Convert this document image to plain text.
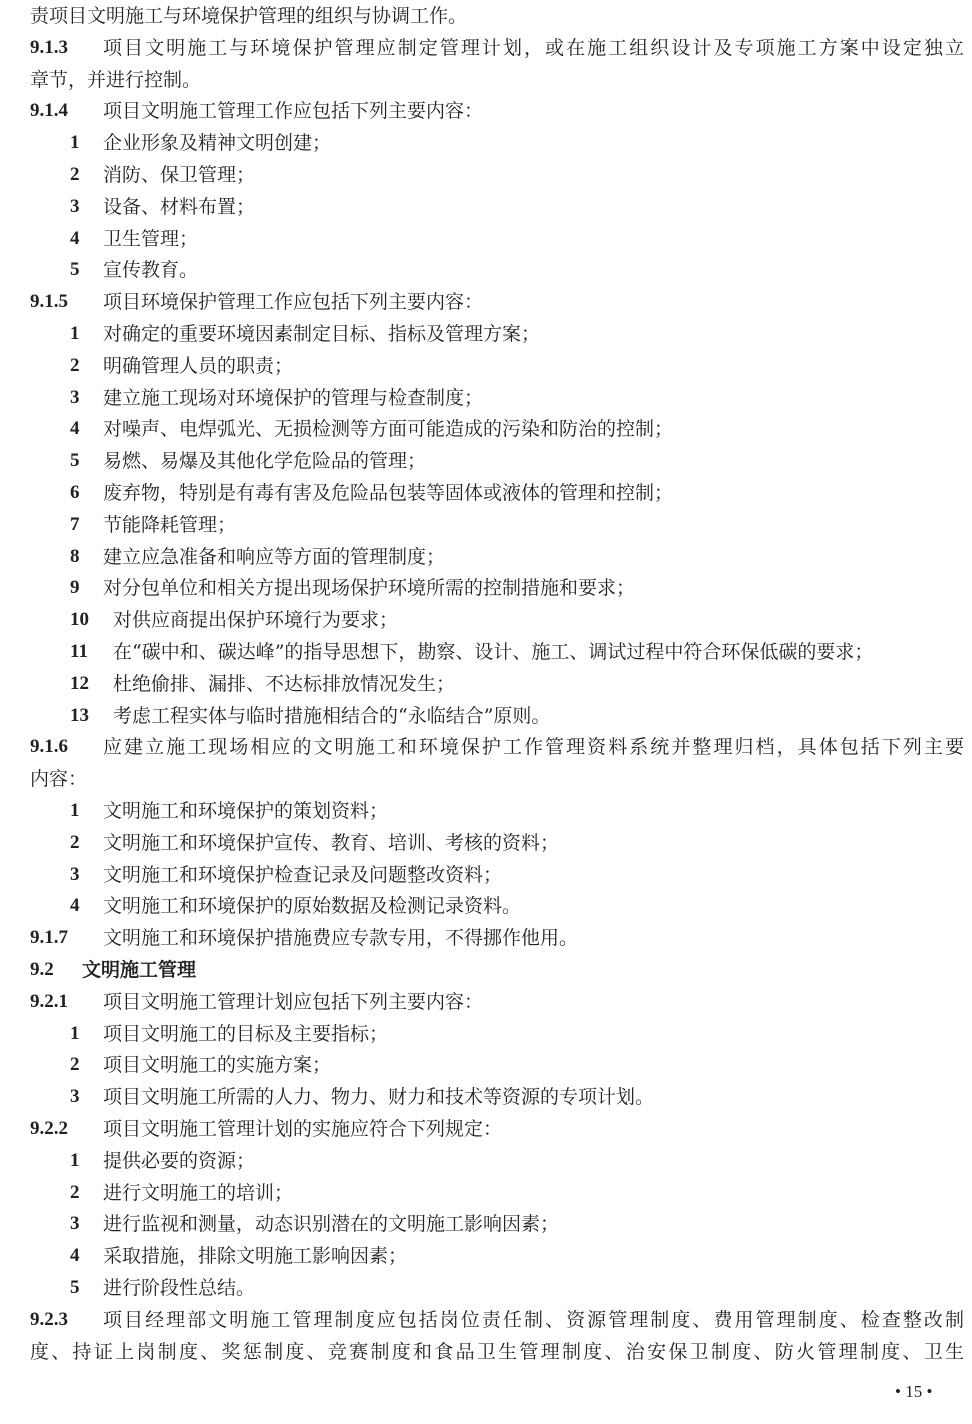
责项目文明施工与环境保护管理的组织与协调工作。
9.1.3 项目文明施工与环境保护管理应制定管理计划，或在施工组织设计及专项施工方案中设定独立
章节，并进行控制。
9.1.4 项目文明施工管理工作应包括下列主要内容：
1 企业形象及精神文明创建；
2 消防、保卫管理；
3 设备、材料布置；
4 卫生管理；
5 宣传教育。
9.1.5 项目环境保护管理工作应包括下列主要内容：
1 对确定的重要环境因素制定目标、指标及管理方案；
2 明确管理人员的职责；
3 建立施工现场对环境保护的管理与检查制度；
4 对噪声、电焊弧光、无损检测等方面可能造成的污染和防治的控制；
5 易燃、易爆及其他化学危险品的管理；
6 废弃物，特别是有毒有害及危险品包装等固体或液体的管理和控制；
7 节能降耗管理；
8 建立应急准备和响应等方面的管理制度；
9 对分包单位和相关方提出现场保护环境所需的控制措施和要求；
10 对供应商提出保护环境行为要求；
11 在“碳中和、碳达峰”的指导思想下，勘察、设计、施工、调试过程中符合环保低碳的要求；
12 杜绝偷排、漏排、不达标排放情况发生；
13 考虑工程实体与临时措施相结合的“永临结合”原则。
9.1.6 应建立施工现场相应的文明施工和环境保护工作管理资料系统并整理归档，具体包括下列主要
内容：
1 文明施工和环境保护的策划资料；
2 文明施工和环境保护宣传、教育、培训、考核的资料；
3 文明施工和环境保护检查记录及问题整改资料；
4 文明施工和环境保护的原始数据及检测记录资料。
9.1.7 文明施工和环境保护措施费应专款专用，不得挪作他用。
9.2 文明施工管理
9.2.1 项目文明施工管理计划应包括下列主要内容：
1 项目文明施工的目标及主要指标；
2 项目文明施工的实施方案；
3 项目文明施工所需的人力、物力、财力和技术等资源的专项计划。
9.2.2 项目文明施工管理计划的实施应符合下列规定：
1 提供必要的资源；
2 进行文明施工的培训；
3 进行监视和测量，动态识别潜在的文明施工影响因素；
4 采取措施，排除文明施工影响因素；
5 进行阶段性总结。
9.2.3 项目经理部文明施工管理制度应包括岗位责任制、资源管理制度、费用管理制度、检查整改制
度、持证上岗制度、奖惩制度、竞赛制度和食品卫生管理制度、治安保卫制度、防火管理制度、卫生
• 15 •
